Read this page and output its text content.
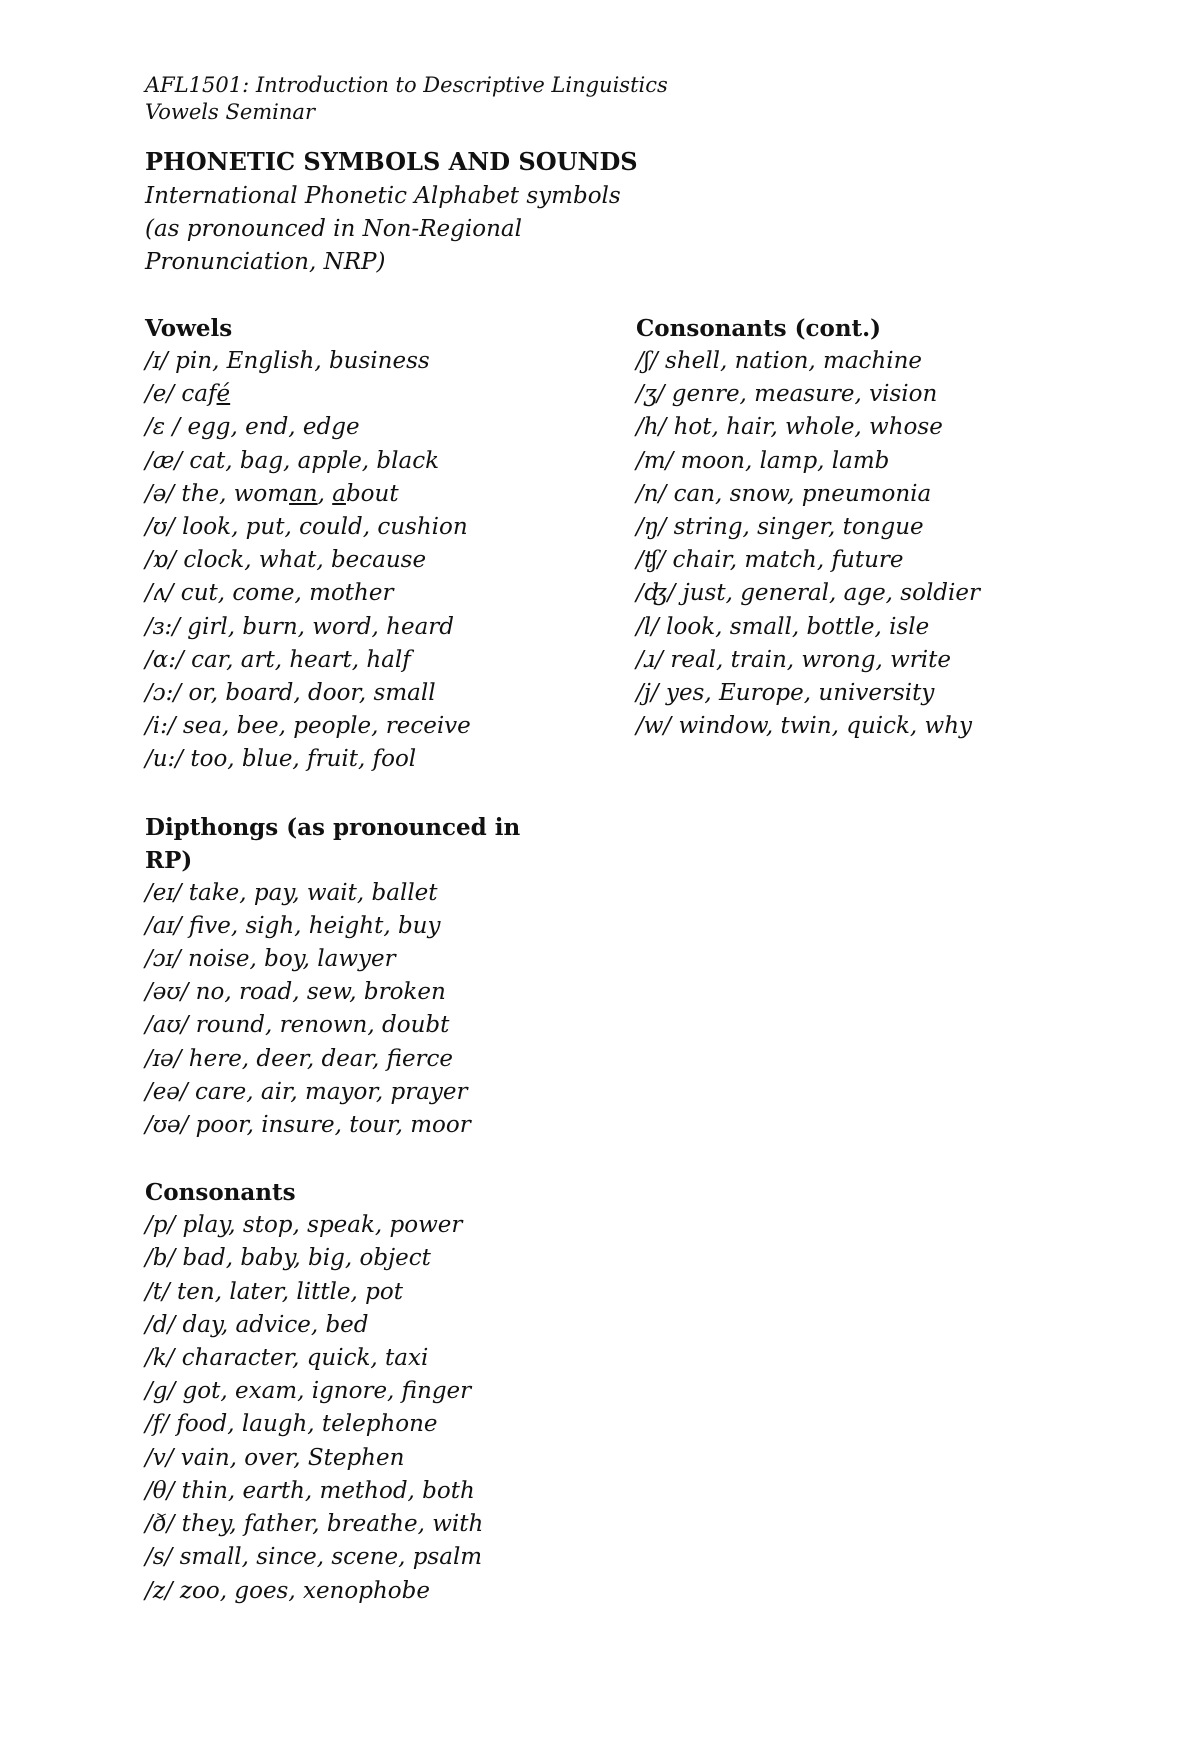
AFL1501: Introduction to Descriptive Linguistics
Vowels Seminar
PHONETIC SYMBOLS AND SOUNDS
International Phonetic Alphabet symbols
(as pronounced in Non-Regional
Pronunciation, NRP)
Vowels
/ɪ/ pin, English, business
/e/ café
/ɛ / egg, end, edge
/æ/ cat, bag, apple, black
/ə/ the, woman, about
/ʊ/ look, put, could, cushion
/ɒ/ clock, what, because
/ʌ/ cut, come, mother
/ɜ:/ girl, burn, word, heard
/ɑ:/ car, art, heart, half
/ɔ:/ or, board, door, small
/i:/ sea, bee, people, receive
/u:/ too, blue, fruit, fool
Dipthongs (as pronounced in
RP)
/eɪ/ take, pay, wait, ballet
/aɪ/ five, sigh, height, buy
/ɔɪ/ noise, boy, lawyer
/əʊ/ no, road, sew, broken
/aʊ/ round, renown, doubt
/ɪə/ here, deer, dear, fierce
/eə/ care, air, mayor, prayer
/ʊə/ poor, insure, tour, moor
Consonants
/p/ play, stop, speak, power
/b/ bad, baby, big, object
/t/ ten, later, little, pot
/d/ day, advice, bed
/k/ character, quick, taxi
/g/ got, exam, ignore, finger
/f/ food, laugh, telephone
/v/ vain, over, Stephen
/θ/ thin, earth, method, both
/ð/ they, father, breathe, with
/s/ small, since, scene, psalm
/z/ zoo, goes, xenophobe
Consonants (cont.)
/ʃ/ shell, nation, machine
/ʒ/ genre, measure, vision
/h/ hot, hair, whole, whose
/m/ moon, lamp, lamb
/n/ can, snow, pneumonia
/ŋ/ string, singer, tongue
/ʧ/ chair, match, future
/ʤ/ just, general, age, soldier
/l/ look, small, bottle, isle
/ɹ/ real, train, wrong, write
/j/ yes, Europe, university
/w/ window, twin, quick, why
